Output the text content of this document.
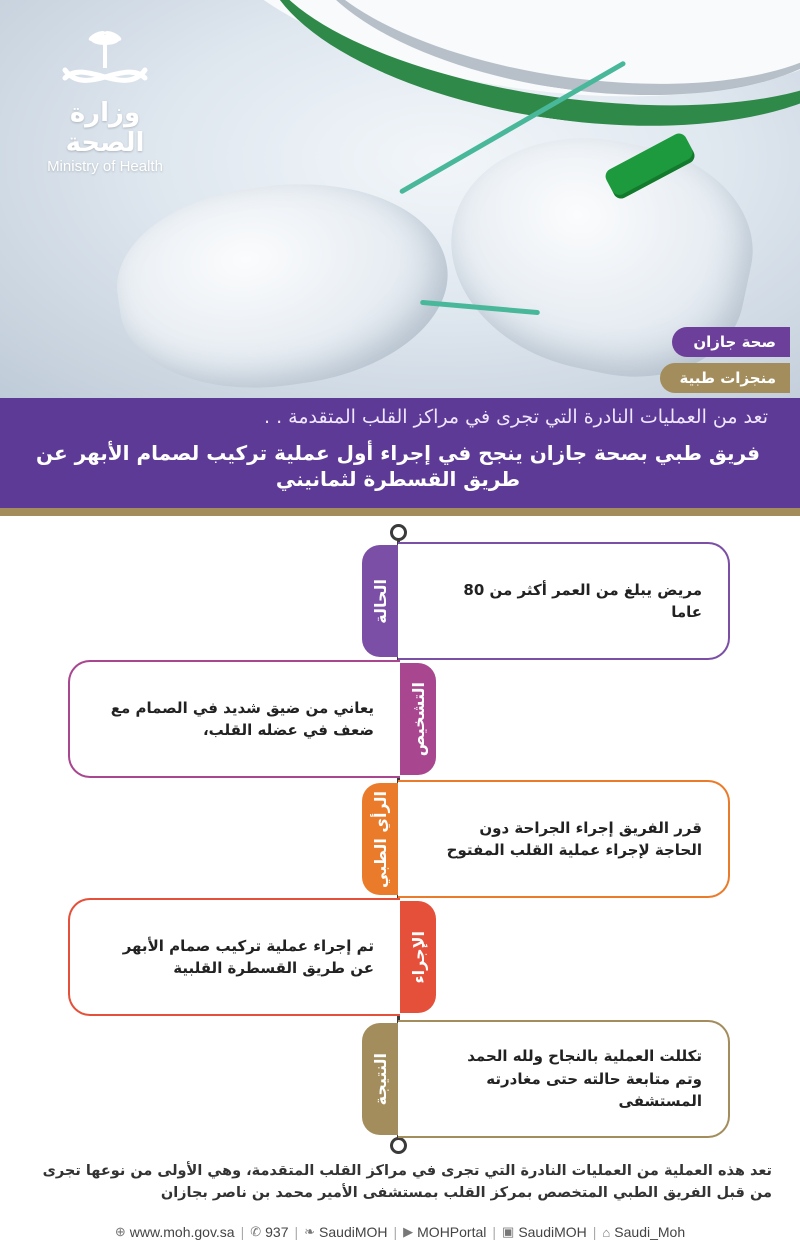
وزارة الصحة
Ministry of Health
صحة جازان
منجزات طبية
تعد من العمليات النادرة التي تجرى في مراكز القلب المتقدمة . .
فريق طبي بصحة جازان ينجح في إجراء أول عملية تركيب لصمام الأبهر عن طريق القسطرة لثمانيني
مريض يبلغ من العمر أكثر من 80 عاما
الحالة
يعاني من ضيق شديد في الصمام مع ضعف في عضله القلب، التشخيص
قرر الفريق إجراء الجراحة دون الحاجة لإجراء عملية القلب المفتوح
الرأي الطبي
تم إجراء عملية تركيب صمام الأبهر عن طريق القسطرة القلبية الإجراء
تكللت العملية بالنجاح ولله الحمد وتم متابعة حالته حتى مغادرته المستشفى
النتيجة
تعد هذه العملية من العمليات النادرة التي تجرى في مراكز القلب المتقدمة، وهي الأولى من نوعها تجرى من قبل الفريق الطبي المتخصص بمركز القلب بمستشفى الأمير محمد بن ناصر بجازان
⊕ www.moh.gov.sa | ✆ 937 | ❧ SaudiMOH | ▶ MOHPortal | ▣ SaudiMOH | ⌂ Saudi_Moh
